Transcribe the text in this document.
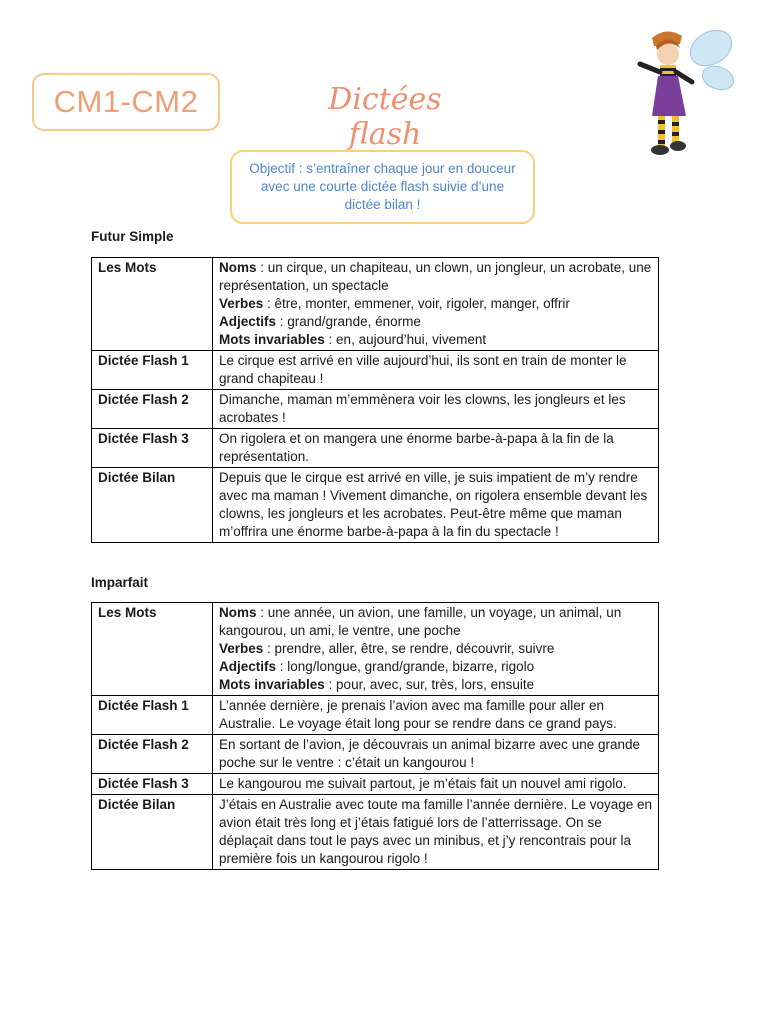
CM1-CM2	Dictées flash
Objectif : s’entraîner chaque jour en douceur avec une courte dictée flash suivie d’une dictée bilan !
Futur Simple
Les Mots	Noms : un cirque, un chapiteau, un clown, un jongleur, un acrobate, une représentation, un spectacle
Verbes : être, monter, emmener, voir, rigoler, manger, offrir
Adjectifs : grand/grande, énorme
Mots invariables : en, aujourd’hui, vivement
Dictée Flash 1	Le cirque est arrivé en ville aujourd’hui, ils sont en train de monter le grand chapiteau !
Dictée Flash 2	Dimanche, maman m’emmènera voir les clowns, les jongleurs et les acrobates !
Dictée Flash 3	On rigolera et on mangera une énorme barbe-à-papa à la fin de la représentation.
Dictée Bilan	Depuis que le cirque est arrivé en ville, je suis impatient de m’y rendre avec ma maman ! Vivement dimanche, on rigolera ensemble devant les clowns, les jongleurs et les acrobates. Peut-être même que maman m’offrira une énorme barbe-à-papa à la fin du spectacle !
Imparfait
Les Mots	Noms : une année, un avion, une famille, un voyage, un animal, un kangourou, un ami, le ventre, une poche
Verbes : prendre, aller, être, se rendre, découvrir, suivre
Adjectifs : long/longue, grand/grande, bizarre, rigolo
Mots invariables : pour, avec, sur, très, lors, ensuite
Dictée Flash 1	L’année dernière, je prenais l’avion avec ma famille pour aller en Australie. Le voyage était long pour se rendre dans ce grand pays.
Dictée Flash 2	En sortant de l’avion, je découvrais un animal bizarre avec une grande poche sur le ventre : c’était un kangourou !
Dictée Flash 3	Le kangourou me suivait partout, je m’étais fait un nouvel ami rigolo.
Dictée Bilan	J’étais en Australie avec toute ma famille l’année dernière. Le voyage en avion était très long et j’étais fatigué lors de l’atterrissage. On se déplaçait dans tout le pays avec un minibus, et j’y rencontrais pour la première fois un kangourou rigolo !
